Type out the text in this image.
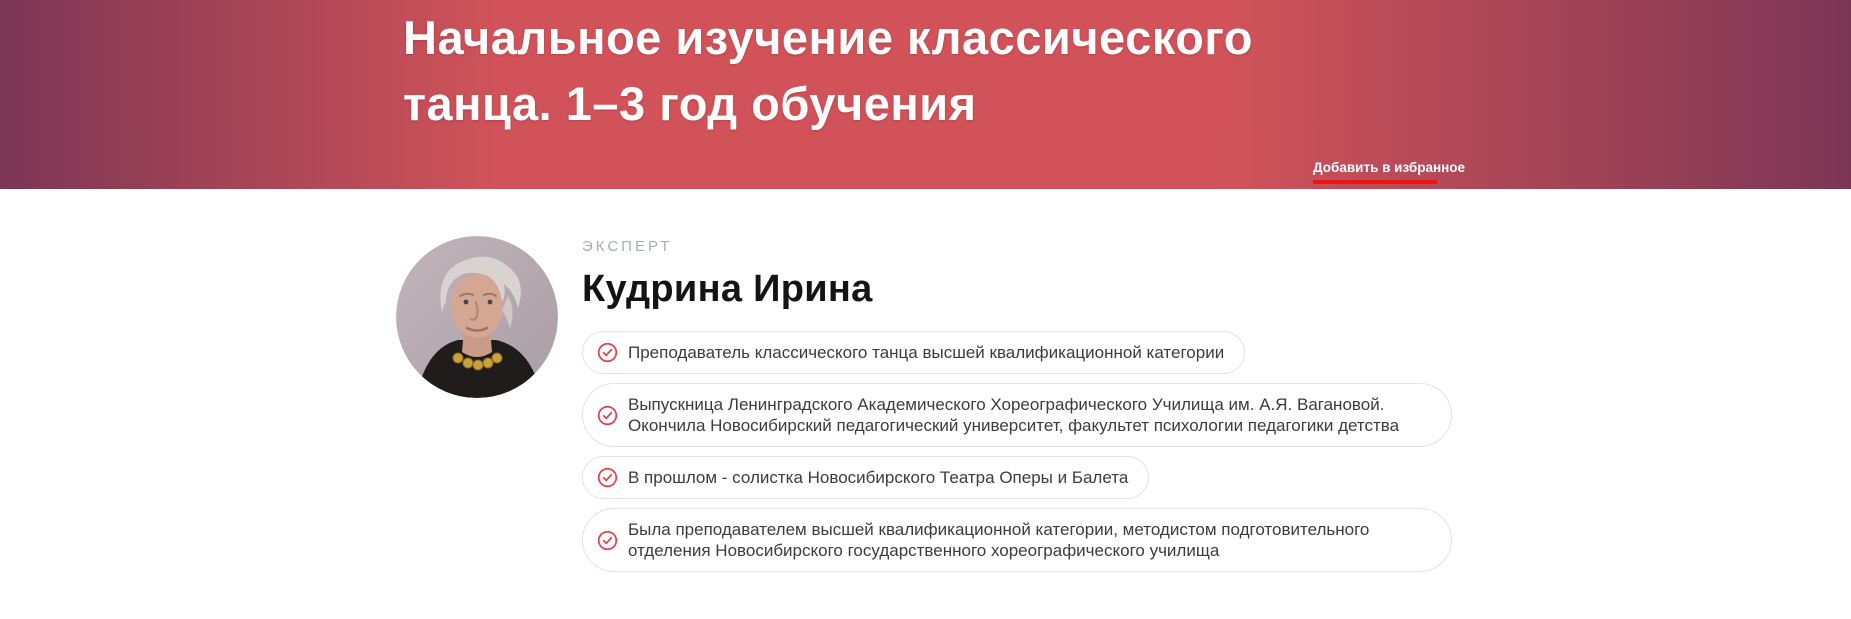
Начальное изучение классического
танца. 1–3 год обучения
Добавить в избранное
ЭКСПЕРТ
Кудрина Ирина
Преподаватель классического танца высшей квалификационной категории
Выпускница Ленинградского Академического Хореографического Училища им. А.Я. Вагановой. Окончила Новосибирский педагогический университет, факультет психологии педагогики детства
В прошлом - солистка Новосибирского Театра Оперы и Балета
Была преподавателем высшей квалификационной категории, методистом подготовительного отделения Новосибирского государственного хореографического училища
